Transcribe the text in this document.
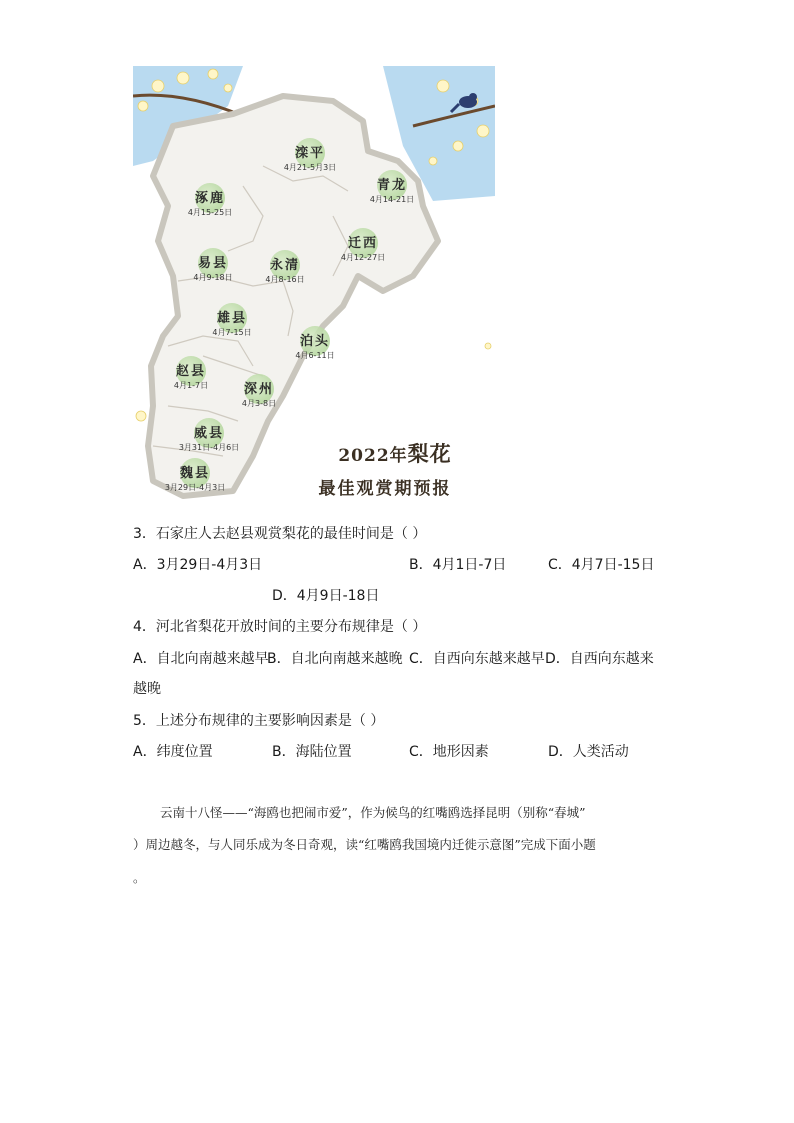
滦平
4月21-5月3日
青龙
4月14-21日
涿鹿
4月15-25日
迁西
4月12-27日
易县
4月9-18日
永清
4月8-16日
雄县
4月7-15日
泊头
4月6-11日
赵县
4月1-7日	深州
4月3-8日
威县
3月31日-4月6日
魏县
3月29日-4月3日
2022年梨花
最佳观赏期预报
3．石家庄人去赵县观赏梨花的最佳时间是（ ）
A．3月29日-4月3日	B．4月1日-7日	C．4月7日-15日
D．4月9日-18日
4．河北省梨花开放时间的主要分布规律是（ ）
A．自北向南越来越早
B．自北向南越来越晚 C．自西向东越来越早 D．自西向东越来
越晚
5．上述分布规律的主要影响因素是（ ）
A．纬度位置	B．海陆位置	C．地形因素	D．人类活动
云南十八怪——“海鸥也把闹市爱”，作为候鸟的红嘴鸥选择昆明（别称“春城”
）周边越冬，与人同乐成为冬日奇观，读“红嘴鸥我国境内迁徙示意图”完成下面小题
。
